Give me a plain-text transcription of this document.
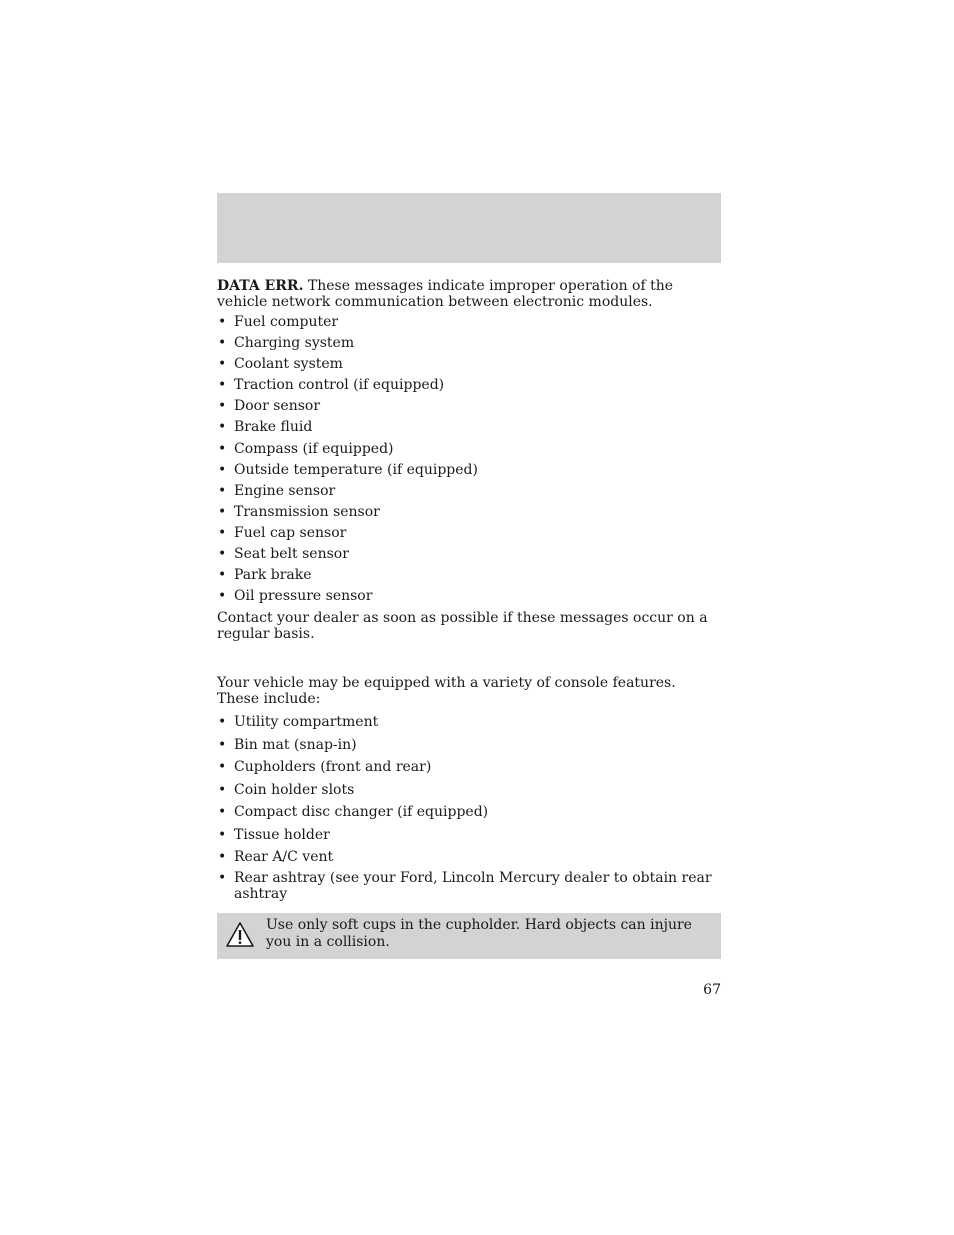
DATA ERR. These messages indicate improper operation of the vehicle network communication between electronic modules.

• Fuel computer
• Charging system
• Coolant system
• Traction control (if equipped)
• Door sensor
• Brake fluid
• Compass (if equipped)
• Outside temperature (if equipped)
• Engine sensor
• Transmission sensor
• Fuel cap sensor
• Seat belt sensor
• Park brake
• Oil pressure sensor

Contact your dealer as soon as possible if these messages occur on a regular basis.

Your vehicle may be equipped with a variety of console features. These include:

• Utility compartment
• Bin mat (snap-in)
• Cupholders (front and rear)
• Coin holder slots
• Compact disc changer (if equipped)
• Tissue holder
• Rear A/C vent
• Rear ashtray (see your Ford, Lincoln Mercury dealer to obtain rear ashtray
Use only soft cups in the cupholder. Hard objects can injure you in a collision.
67
